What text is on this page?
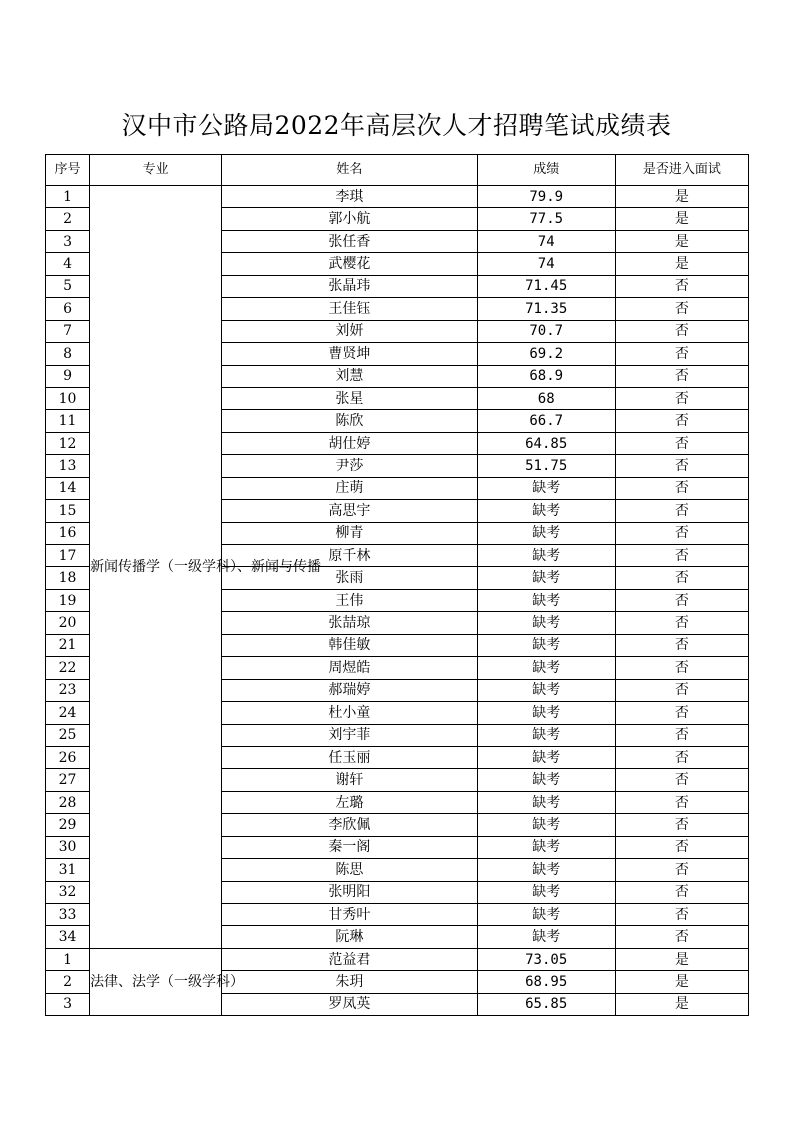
汉中市公路局2022年高层次人才招聘笔试成绩表
序号	专业	姓名	成绩	是否进入面试
1	新闻传播学（一级学科）、新闻与传播	李琪	79.9	是
2		郭小航	77.5	是
3		张任香	74	是
4		武樱花	74	是
5		张晶玮	71.45	否
6		王佳钰	71.35	否
7		刘妍	70.7	否
8		曹贤坤	69.2	否
9		刘慧	68.9	否
10		张星	68	否
11		陈欣	66.7	否
12		胡仕婷	64.85	否
13		尹莎	51.75	否
14		庄萌	缺考	否
15		高思宇	缺考	否
16		柳青	缺考	否
17		原千林	缺考	否
18		张雨	缺考	否
19		王伟	缺考	否
20		张喆琼	缺考	否
21		韩佳敏	缺考	否
22		周煜皓	缺考	否
23		郝瑞婷	缺考	否
24		杜小童	缺考	否
25		刘宇菲	缺考	否
26		任玉丽	缺考	否
27		谢轩	缺考	否
28		左璐	缺考	否
29		李欣佩	缺考	否
30		秦一阁	缺考	否
31		陈思	缺考	否
32		张明阳	缺考	否
33		甘秀叶	缺考	否
34		阮琳	缺考	否
1	法律、法学（一级学科）	范益君	73.05	是
2		朱玥	68.95	是
3		罗凤英	65.85	是
